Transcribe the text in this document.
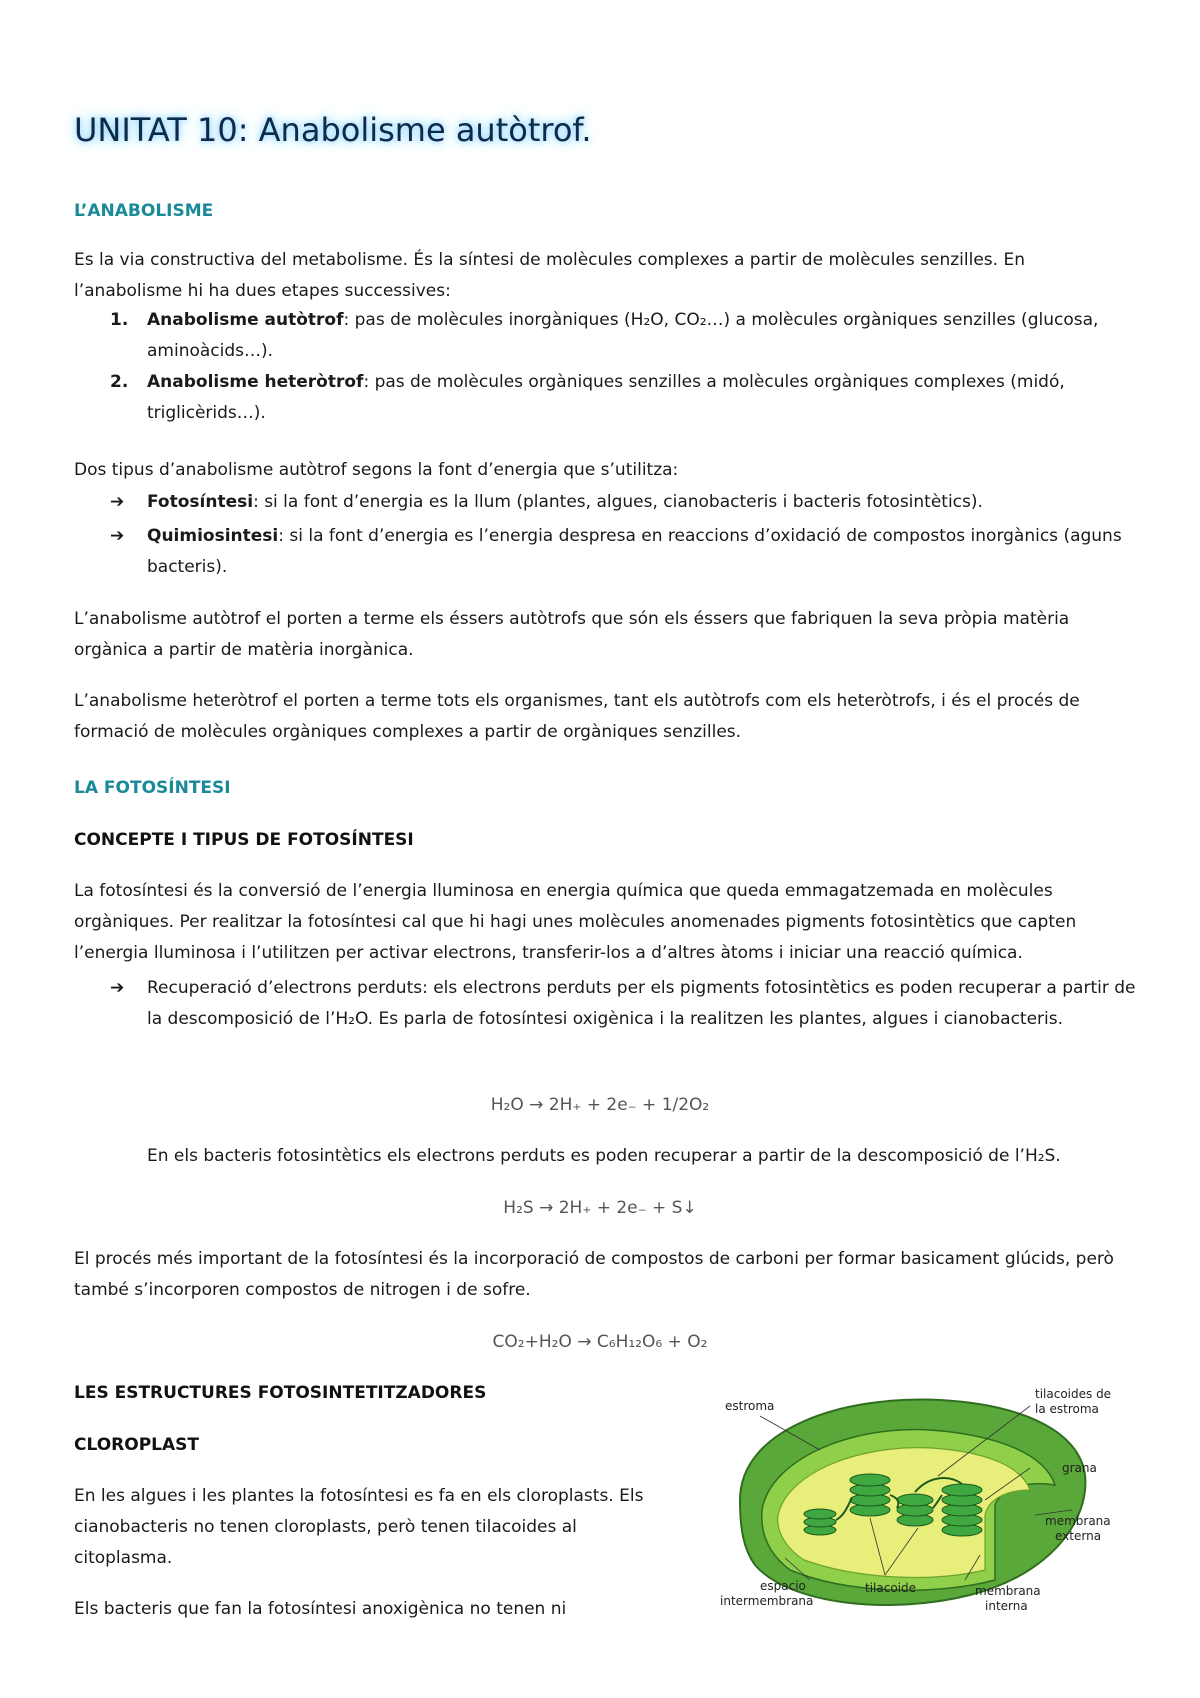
UNITAT 10: Anabolisme autòtrof.
L’ANABOLISME

Es la via constructiva del metabolisme. És la síntesi de molècules complexes a partir de molècules senzilles. En l’anabolisme hi ha dues etapes successives:

1.	Anabolisme autòtrof: pas de molècules inorgàniques (H₂O, CO₂…) a molècules orgàniques senzilles (glucosa, aminoàcids…).
2.	Anabolisme heteròtrof: pas de molècules orgàniques senzilles a molècules orgàniques complexes (midó, triglicèrids…).

Dos tipus d’anabolisme autòtrof segons la font d’energia que s’utilitza:

➔	Fotosíntesi: si la font d’energia es la llum (plantes, algues, cianobacteris i bacteris fotosintètics).
➔	Quimiosintesi: si la font d’energia es l’energia despresa en reaccions d’oxidació de compostos inorgànics (aguns bacteris).

L’anabolisme autòtrof el porten a terme els éssers autòtrofs que són els éssers que fabriquen la seva pròpia matèria orgànica a partir de matèria inorgànica.

L’anabolisme heteròtrof el porten a terme tots els organismes, tant els autòtrofs com els heteròtrofs, i és el procés de formació de molècules orgàniques complexes a partir de orgàniques senzilles.

LA FOTOSÍNTESI
CONCEPTE I TIPUS DE FOTOSÍNTESI

La fotosíntesi és la conversió de l’energia lluminosa en energia química que queda emmagatzemada en molècules orgàniques. Per realitzar la fotosíntesi cal que hi hagi unes molècules anomenades pigments fotosintètics que capten l’energia lluminosa i l’utilitzen per activar electrons, transferir-los a d’altres àtoms i iniciar una reacció química.

➔	Recuperació d’electrons perduts: els electrons perduts per els pigments fotosintètics es poden recuperar a partir de la descomposició de l’H₂O. Es parla de fotosíntesi oxigènica i la realitzen les plantes, algues i cianobacteris.
H₂O → 2H₊ + 2e₋ + 1/2O₂
En els bacteris fotosintètics els electrons perduts es poden recuperar a partir de la descomposició de l’H₂S.
H₂S → 2H₊ + 2e₋ + S↓

El procés més important de la fotosíntesi és la incorporació de compostos de carboni per formar basicament glúcids, però també s’incorporen compostos de nitrogen i de sofre.

CO₂+H₂O → C₆H₁₂O₆ + O₂
LES ESTRUCTURES FOTOSINTETITZADORES
CLOROPLAST

En les algues i les plantes la fotosíntesi es fa en els cloroplasts. Els cianobacteris no tenen cloroplasts, però tenen tilacoides al citoplasma.

Els bacteris que fan la fotosíntesi anoxigènica no tenen ni

estroma
tilacoides de
la estroma
grana
membrana
externa
espacio
intermembrana
tilacoide	membrana
interna
